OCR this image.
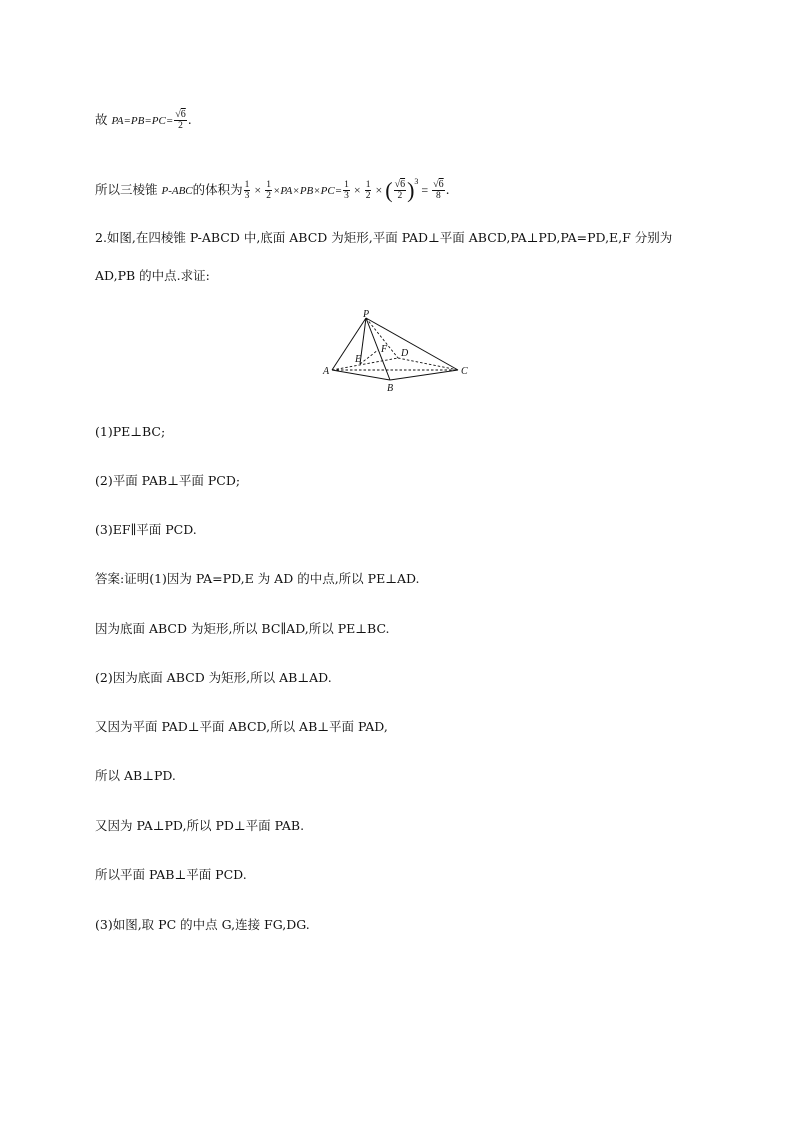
故 $PA=PB=PC= \frac{√6}{2}$ .
所以三棱锥 P-ABC的体积为 $\frac{1}{3} \times \frac{1}{2} \times PA\times PB\times PC= \frac{1}{3} \times \frac{1}{2}$ × ( $\frac{√6}{2} )^3= \frac{√6}{8}$ .
2.如图,在四棱锥 P-ABCD 中,底面 ABCD 为矩形,平面 PAD⊥平面 ABCD,PA⊥PD,PA=PD,E,F 分别为
AD,PB 的中点.求证:
P
A
B
C
D
E
F
(1)PE⊥BC;
(2)平面 PAB⊥平面 PCD;
(3)EF∥平面 PCD.
答案:证明(1)因为 PA=PD,E 为 AD 的中点,所以 PE⊥AD.
因为底面 ABCD 为矩形,所以 BC∥AD,所以 PE⊥BC.
(2)因为底面 ABCD 为矩形,所以 AB⊥AD.
又因为平面 PAD⊥平面 ABCD,所以 AB⊥平面 PAD,
所以 AB⊥PD.
又因为 PA⊥PD,所以 PD⊥平面 PAB.
所以平面 PAB⊥平面 PCD.
(3)如图,取 PC 的中点 G,连接 FG,DG.
